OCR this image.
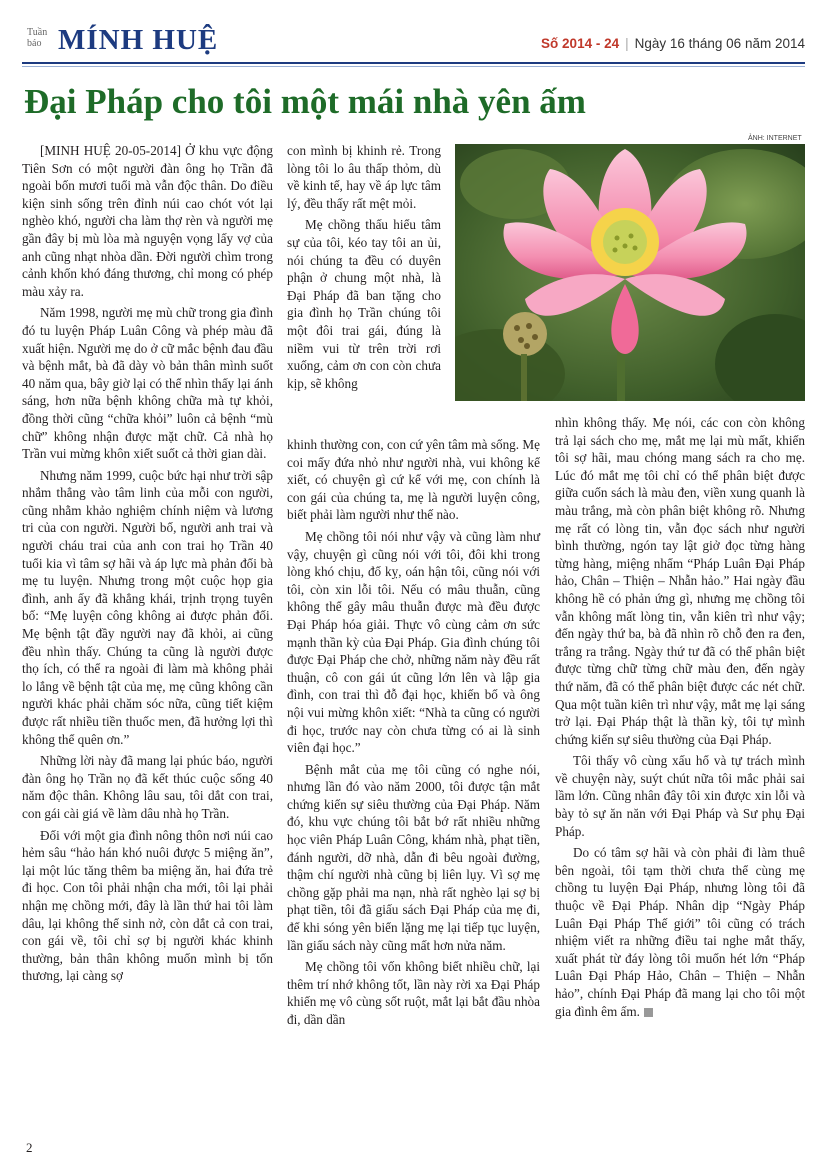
Tuần
báo MÍNH HUỆ	Số 2014 - 24 | Ngày 16 tháng 06 năm 2014
Đại Pháp cho tôi một mái nhà yên ấm
ẢNH: INTERNET

[MINH HUỆ 20-05-2014] Ở khu vực động Tiên Sơn có một người đàn ông họ Trần đã ngoài bốn mươi tuổi mà vẫn độc thân. Do điều kiện sinh sống trên đỉnh núi cao chót vót lại nghèo khó, người cha làm thợ rèn và người mẹ gần đây bị mù lòa mà nguyện vọng lấy vợ của anh cũng nhạt nhòa dần. Đời người chìm trong cảnh khốn khó đáng thương, chỉ mong có phép màu xảy ra.

Năm 1998, người mẹ mù chữ trong gia đình đó tu luyện Pháp Luân Công và phép màu đã xuất hiện. Người mẹ do ở cữ mắc bệnh đau đầu và bệnh mắt, bà đã dày vò bản thân mình suốt 40 năm qua, bây giờ lại có thể nhìn thấy lại ánh sáng, hơn nữa bệnh không chữa mà tự khỏi, đồng thời cũng “chữa khỏi” luôn cả bệnh “mù chữ” không nhận được mặt chữ. Cả nhà họ Trần vui mừng khôn xiết suốt cả thời gian dài.

Nhưng năm 1999, cuộc bức hại như trời sập nhắm thẳng vào tâm linh của mỗi con người, cũng nhằm khảo nghiệm chính niệm và lương tri của con người. Người bố, người anh trai và người cháu trai của anh con trai họ Trần 40 tuổi kia vì tâm sợ hãi và áp lực mà phản đối bà mẹ tu luyện. Nhưng trong một cuộc họp gia đình, anh ấy đã khẳng khái, trịnh trọng tuyên bố: “Mẹ luyện công không ai được phản đối. Mẹ bệnh tật đầy người nay đã khỏi, ai cũng đều nhìn thấy. Chúng ta cũng là người được thọ ích, có thể ra ngoài đi làm mà không phải lo lắng về bệnh tật của mẹ, mẹ cũng không cần người khác phải chăm sóc nữa, cũng tiết kiệm được rất nhiều tiền thuốc men, đã hưởng lợi thì không thể quên ơn.”

Những lời này đã mang lại phúc báo, người đàn ông họ Trần nọ đã kết thúc cuộc sống 40 năm độc thân. Không lâu sau, tôi dắt con trai, con gái cài giá về làm dâu nhà họ Trần.

Đối với một gia đình nông thôn nơi núi cao hẻm sâu “hảo hán khó nuôi được 5 miệng ăn”, lại một lúc tăng thêm ba miệng ăn, hai đứa trẻ đi học. Con tôi phải nhận cha mới, tôi lại phải nhận mẹ chồng mới, đây là lần thứ hai tôi làm dâu, lại không thể sinh nở, còn dắt cả con trai, con gái về, tôi chỉ sợ bị người khác khinh thường, bản thân không muốn mình bị tổn thương, lại càng sợ

con mình bị khinh rẻ. Trong lòng tôi lo âu thấp thỏm, dù về kinh tế, hay về áp lực tâm lý, đều thấy rất mệt mỏi.

Mẹ chồng thấu hiểu tâm sự của tôi, kéo tay tôi an ủi, nói chúng ta đều có duyên phận ở chung một nhà, là Đại Pháp đã ban tặng cho gia đình họ Trần chúng tôi một đôi trai gái, đúng là niềm vui từ trên trời rơi xuống, cảm ơn con còn chưa kịp, sẽ không

khinh thường con, con cứ yên tâm mà sống. Mẹ coi mấy đứa nhỏ như người nhà, vui không kể xiết, có chuyện gì cứ kể với mẹ, con chính là con gái của chúng ta, mẹ là người luyện công, biết phải làm người như thế nào.

Mẹ chồng tôi nói như vậy và cũng làm như vậy, chuyện gì cũng nói với tôi, đôi khi trong lòng khó chịu, đố kỵ, oán hận tôi, cũng nói với tôi, còn xin lỗi tôi. Nếu có mâu thuẫn, cũng không thể gây mâu thuẫn được mà đều được Đại Pháp hóa giải. Thực vô cùng cảm ơn sức mạnh thần kỳ của Đại Pháp. Gia đình chúng tôi được Đại Pháp che chở, những năm này đều rất thuận, cô con gái út cũng lớn lên và lập gia đình, con trai thì đỗ đại học, khiến bố và ông nội vui mừng khôn xiết: “Nhà ta cũng có người đi học, trước nay còn chưa từng có ai là sinh viên đại học.”

Bệnh mắt của mẹ tôi cũng có nghe nói, nhưng lần đó vào năm 2000, tôi được tận mắt chứng kiến sự siêu thường của Đại Pháp. Năm đó, khu vực chúng tôi bắt bớ rất nhiều những học viên Pháp Luân Công, khám nhà, phạt tiền, đánh người, dỡ nhà, dẫn đi bêu ngoài đường, thậm chí người nhà cũng bị liên lụy. Vì sợ mẹ chồng gặp phải ma nạn, nhà rất nghèo lại sợ bị phạt tiền, tôi đã giấu sách Đại Pháp của mẹ đi, để khi sóng yên biển lặng mẹ lại tiếp tục luyện, lần giấu sách này cũng mất hơn nửa năm.

Mẹ chồng tôi vốn không biết nhiều chữ, lại thêm trí nhớ không tốt, lần này rời xa Đại Pháp khiến mẹ vô cùng sốt ruột, mắt lại bắt đầu nhòa đi, dần dần

nhìn không thấy. Mẹ nói, các con còn không trả lại sách cho mẹ, mắt mẹ lại mù mất, khiến tôi sợ hãi, mau chóng mang sách ra cho mẹ. Lúc đó mắt mẹ tôi chỉ có thể phân biệt được giữa cuốn sách là màu đen, viền xung quanh là màu trắng, mà còn phân biệt không rõ. Nhưng mẹ rất có lòng tin, vẫn đọc sách như người bình thường, ngón tay lật giở đọc từng hàng từng hàng, miệng nhẩm “Pháp Luân Đại Pháp hảo, Chân – Thiện – Nhẫn hảo.” Hai ngày đầu không hề có phản ứng gì, nhưng mẹ chồng tôi vẫn không mất lòng tin, vẫn kiên trì như vậy; đến ngày thứ ba, bà đã nhìn rõ chỗ đen ra đen, trắng ra trắng. Ngày thứ tư đã có thể phân biệt được từng chữ từng chữ màu đen, đến ngày thứ năm, đã có thể phân biệt được các nét chữ. Qua một tuần kiên trì như vậy, mắt mẹ lại sáng trở lại. Đại Pháp thật là thần kỳ, tôi tự mình chứng kiến sự siêu thường của Đại Pháp.

Tôi thấy vô cùng xấu hổ và tự trách mình về chuyện này, suýt chút nữa tôi mắc phải sai lầm lớn. Cũng nhân đây tôi xin được xin lỗi và bày tỏ sự ăn năn với Đại Pháp và Sư phụ Đại Pháp.

Do có tâm sợ hãi và còn phải đi làm thuê bên ngoài, tôi tạm thời chưa thể cùng mẹ chồng tu luyện Đại Pháp, nhưng lòng tôi đã thuộc về Đại Pháp. Nhân dịp “Ngày Pháp Luân Đại Pháp Thế giới” tôi cũng có trách nhiệm viết ra những điều tai nghe mắt thấy, xuất phát từ đáy lòng tôi muốn hét lớn “Pháp Luân Đại Pháp Hảo, Chân – Thiện – Nhẫn hảo”, chính Đại Pháp đã mang lại cho tôi một gia đình êm ấm.

2
